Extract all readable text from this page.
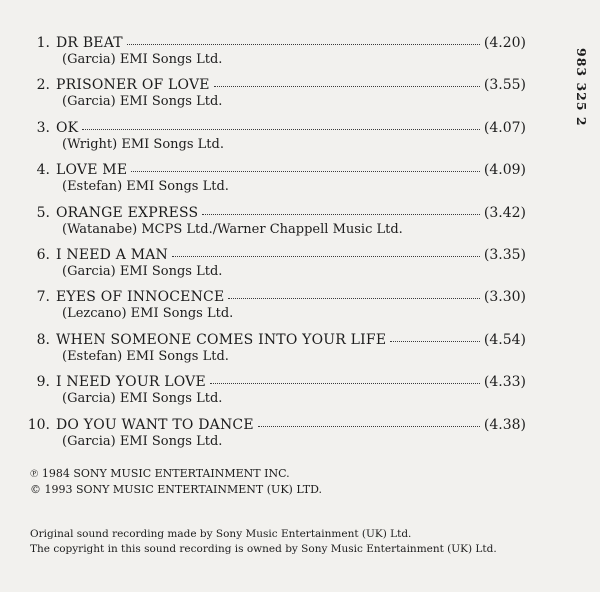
983 325 2
1. DR BEAT	(4.20)
(Garcia) EMI Songs Ltd.
2. PRISONER OF LOVE	(3.55)
(Garcia) EMI Songs Ltd.
3. OK	(4.07)
(Wright) EMI Songs Ltd.
4. LOVE ME	(4.09)
(Estefan) EMI Songs Ltd.
5. ORANGE EXPRESS	(3.42)
(Watanabe) MCPS Ltd./Warner Chappell Music Ltd.
6. I NEED A MAN	(3.35)
(Garcia) EMI Songs Ltd.
7. EYES OF INNOCENCE	(3.30)
(Lezcano) EMI Songs Ltd.
8. WHEN SOMEONE COMES INTO YOUR LIFE	(4.54)
(Estefan) EMI Songs Ltd.
9. I NEED YOUR LOVE	(4.33)
(Garcia) EMI Songs Ltd.
10. DO YOU WANT TO DANCE	(4.38)
(Garcia) EMI Songs Ltd.
℗ 1984 SONY MUSIC ENTERTAINMENT INC.
© 1993 SONY MUSIC ENTERTAINMENT (UK) LTD.
Original sound recording made by Sony Music Entertainment (UK) Ltd.
The copyright in this sound recording is owned by Sony Music Entertainment (UK) Ltd.
